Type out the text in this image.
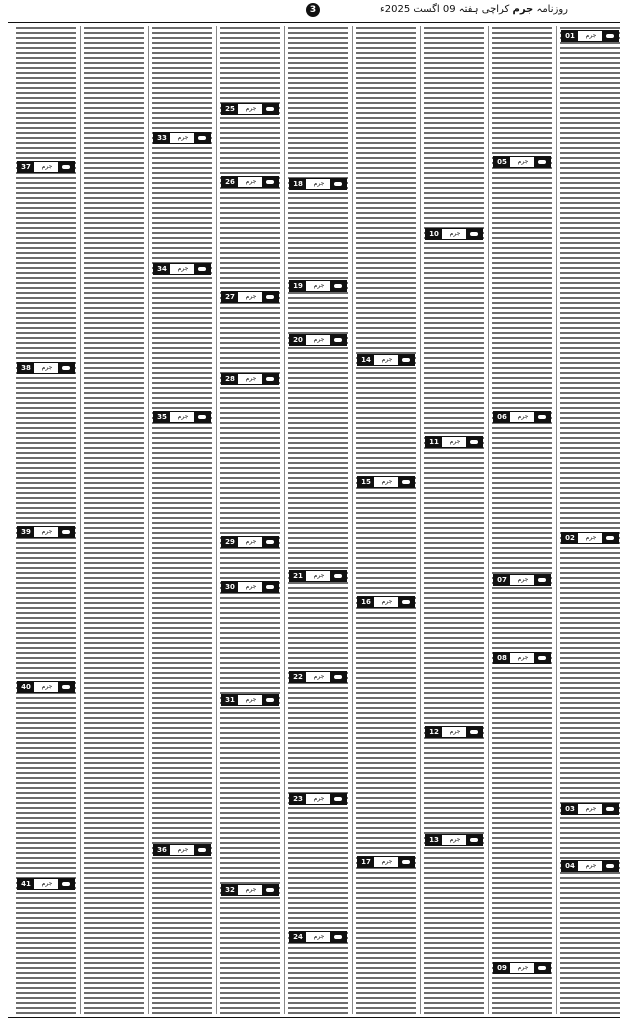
3	روزنامہ جرم کراچی ہفتہ 09 اگست 2025ء
01	جرم
02	جرم
03	جرم
04	جرم
05	جرم
06	جرم
07	جرم
08	جرم
09	جرم
10	جرم
11	جرم
12	جرم
13	جرم
14	جرم
15	جرم
16	جرم
17	جرم
18	جرم
19	جرم
20	جرم
21	جرم
22	جرم
23	جرم
24	جرم
25	جرم
26	جرم
27	جرم
28	جرم
29	جرم
30	جرم
31	جرم
32	جرم
33	جرم
34	جرم
35	جرم
36	جرم
37	جرم
38	جرم
39	جرم
40	جرم
41	جرم
